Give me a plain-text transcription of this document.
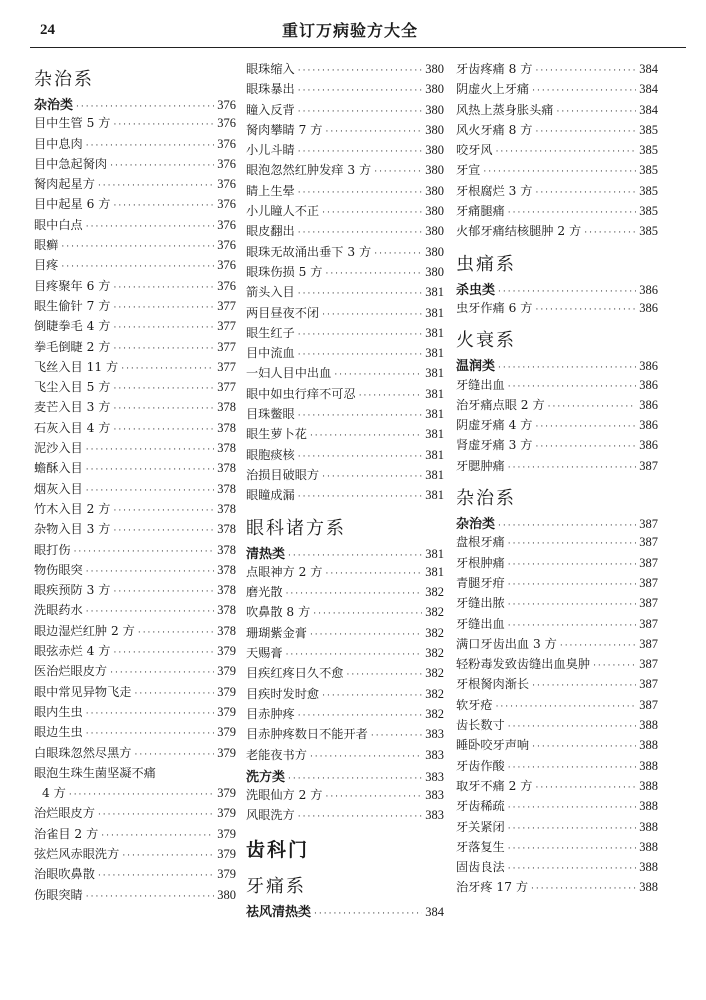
24	重订万病验方大全
杂治系
杂治类 ·····	376
目中生管 5 方 ·····	376
目中息肉 ·····	376
目中急起胬肉 ·····	376
胬肉起星方 ·····	376
目中起星 6 方 ·····	376
眼中白点 ·····	376
眼癣 ·····	376
目疼 ·····	376
目疼聚年 6 方 ·····	376
眼生偷针 7 方 ·····	377
倒睫拳毛 4 方 ·····	377
拳毛倒睫 2 方 ·····	377
飞丝入目 11 方 ·····	377
飞尘入目 5 方 ·····	377
麦芒入目 3 方 ·····	378
石灰入目 4 方 ·····	378
泥沙入目 ·····	378
蟾酥入目 ·····	378
烟灰入目 ·····	378
竹木入目 2 方 ·····	378
杂物入目 3 方 ·····	378
眼打伤 ·····	378
物伤眼突 ·····	378
眼疾预防 3 方 ·····	378
洗眼药水 ·····	378
眼边湿烂红肿 2 方 ·····	378
眼弦赤烂 4 方 ·····	379
医治烂眼皮方 ·····	379
眼中常见异物飞走 ·····	379
眼内生虫 ·····	379
眼边生虫 ·····	379
白眼珠忽然尽黑方 ·····	379
眼泡生珠生菌坚凝不痛
4 方 ·····	379
治烂眼皮方 ·····	379
治雀目 2 方 ·····	379
弦烂风赤眼洗方 ·····	379
治眼吹鼻散 ·····	379
伤眼突睛 ·····	380
眼珠缩入 ·····	380
眼珠暴出 ·····	380
瞳入反背 ·····	380
胬肉攀睛 7 方 ·····	380
小儿斗睛 ·····	380
眼泡忽然红肿发痒 3 方 ·····	380
睛上生晕 ·····	380
小儿瞳人不正 ·····	380
眼皮翻出 ·····	380
眼珠无故涌出垂下 3 方 ·····	380
眼珠伤损 5 方 ·····	380
箭头入目 ·····	381
两目昼夜不闭 ·····	381
眼生红子 ·····	381
目中流血 ·····	381
一妇人目中出血 ·····	381
眼中如虫行痒不可忍 ·····	381
目珠鳖眼 ·····	381
眼生萝卜花 ·····	381
眼胞痰核 ·····	381
治损目破眼方 ·····	381
眼瞳成漏 ·····	381
眼科诸方系
清热类 ·····	381
点眼神方 2 方 ·····	381
磨光散 ·····	382
吹鼻散 8 方 ·····	382
珊瑚紫金膏 ·····	382
天赐膏 ·····	382
目疾红疼日久不愈 ·····	382
目疾时发时愈 ·····	382
目赤肿疼 ·····	382
目赤肿疼数日不能开者 ·····	383
老能夜书方 ·····	383
洗方类 ·····	383
洗眼仙方 2 方 ·····	383
风眼洗方 ·····	383
齿科门
牙痛系
祛风清热类 ·····	384
牙齿疼痛 8 方 ·····	384
阴虚火上牙痛 ·····	384
风热上蒸身胀头痛 ·····	384
风火牙痛 8 方 ·····	385
咬牙风 ·····	385
牙宣 ·····	385
牙根腐烂 3 方 ·····	385
牙痛腿痛 ·····	385
火郁牙痛结核腿肿 2 方 ·····	385
虫痛系
杀虫类 ·····	386
虫牙作痛 6 方 ·····	386
火衰系
温润类 ·····	386
牙缝出血 ·····	386
治牙痛点眼 2 方 ·····	386
阴虚牙痛 4 方 ·····	386
肾虚牙痛 3 方 ·····	386
牙腮肿痛 ·····	387
杂治系
杂治类 ·····	387
盘根牙痛 ·····	387
牙根肿痛 ·····	387
青腿牙疳 ·····	387
牙缝出脓 ·····	387
牙缝出血 ·····	387
满口牙齿出血 3 方 ·····	387
轻粉毒发致齿缝出血臭肿 ·····	387
牙根胬肉渐长 ·····	387
软牙疮 ·····	387
齿长数寸 ·····	388
睡卧咬牙声响 ·····	388
牙齿作酸 ·····	388
取牙不痛 2 方 ·····	388
牙齿稀疏 ·····	388
牙关紧闭 ·····	388
牙落复生 ·····	388
固齿良法 ·····	388
治牙疼 17 方 ·····	388
